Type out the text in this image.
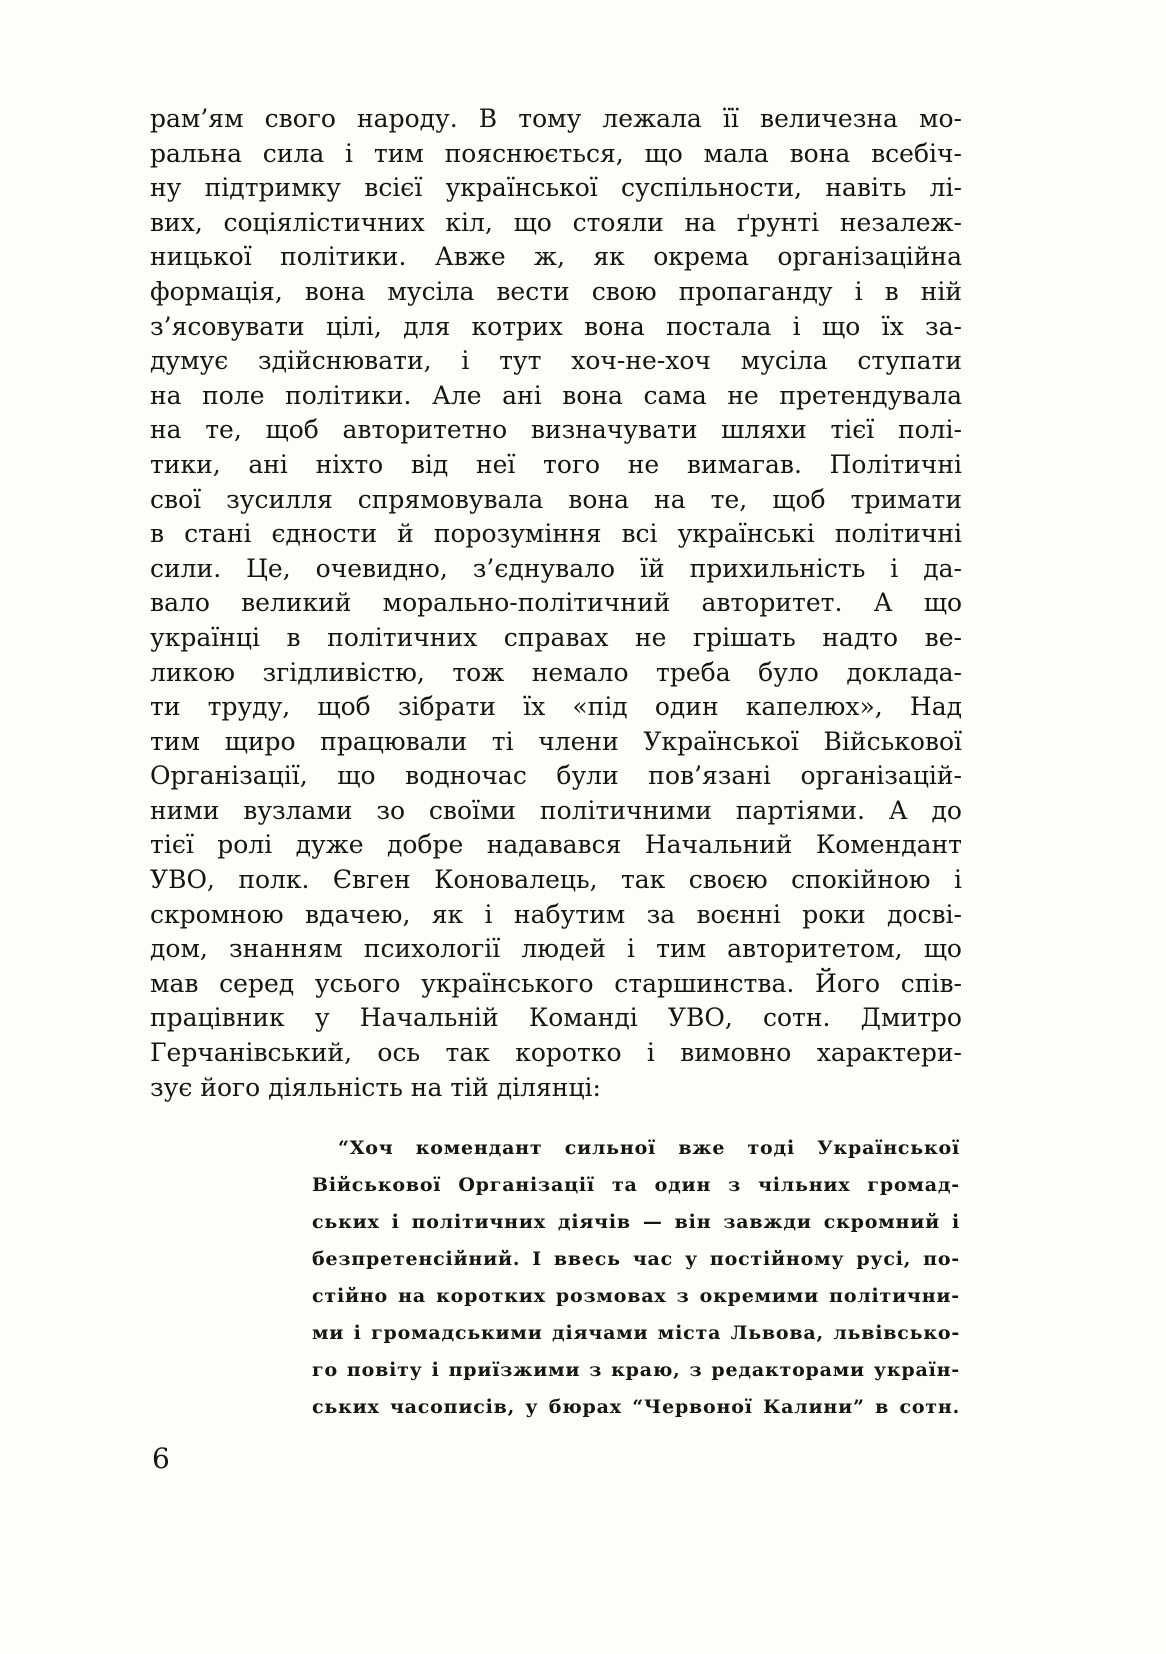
рам’ям свого народу. В тому лежала її величезна мо-
ральна сила і тим пояснюється, що мала вона всебіч-
ну підтримку всієї української суспільности, навіть лі-
вих, соціялістичних кіл, що стояли на ґрунті незалеж-
ницької політики. Авже ж, як окрема організаційна
формація, вона мусіла вести свою пропаганду і в ній
з’ясовувати цілі, для котрих вона постала і що їх за-
думує здійснювати, і тут хоч-не-хоч мусіла ступати
на поле політики. Але ані вона сама не претендувала
на те, щоб авторитетно визначувати шляхи тієї полі-
тики, ані ніхто від неї того не вимагав. Політичні
свої зусилля спрямовувала вона на те, щоб тримати
в стані єдности й порозуміння всі українські політичні
сили. Це, очевидно, з’єднувало їй прихильність і да-
вало великий морально-політичний авторитет. А що
українці в політичних справах не грішать надто ве-
ликою згідливістю, тож немало треба було доклада-
ти труду, щоб зібрати їх «під один капелюх», Над
тим щиро працювали ті члени Української Військової
Організації, що водночас були пов’язані організацій-
ними вузлами зо своїми політичними партіями. А до
тієї ролі дуже добре надавався Начальний Комендант
УВО, полк. Євген Коновалець, так своєю спокійною і
скромною вдачею, як і набутим за воєнні роки досві-
дом, знанням психології людей і тим авторитетом, що
мав серед усього українського старшинства. Його спів-
працівник у Начальній Команді УВО, сотн. Дмитро
Герчанівський, ось так коротко і вимовно характери-
зує його діяльність на тій ділянці:
“Хоч комендант сильної вже тоді Української
Військової Організації та один з чільних громад-
ських і політичних діячів — він завжди скромний і
безпретенсійний. І ввесь час у постійному русі, по-
стійно на коротких розмовах з окремими політични-
ми і громадськими діячами міста Львова, львівсько-
го повіту і приїзжими з краю, з редакторами україн-
ських часописів, у бюрах “Червоної Калини” в сотн.
6
